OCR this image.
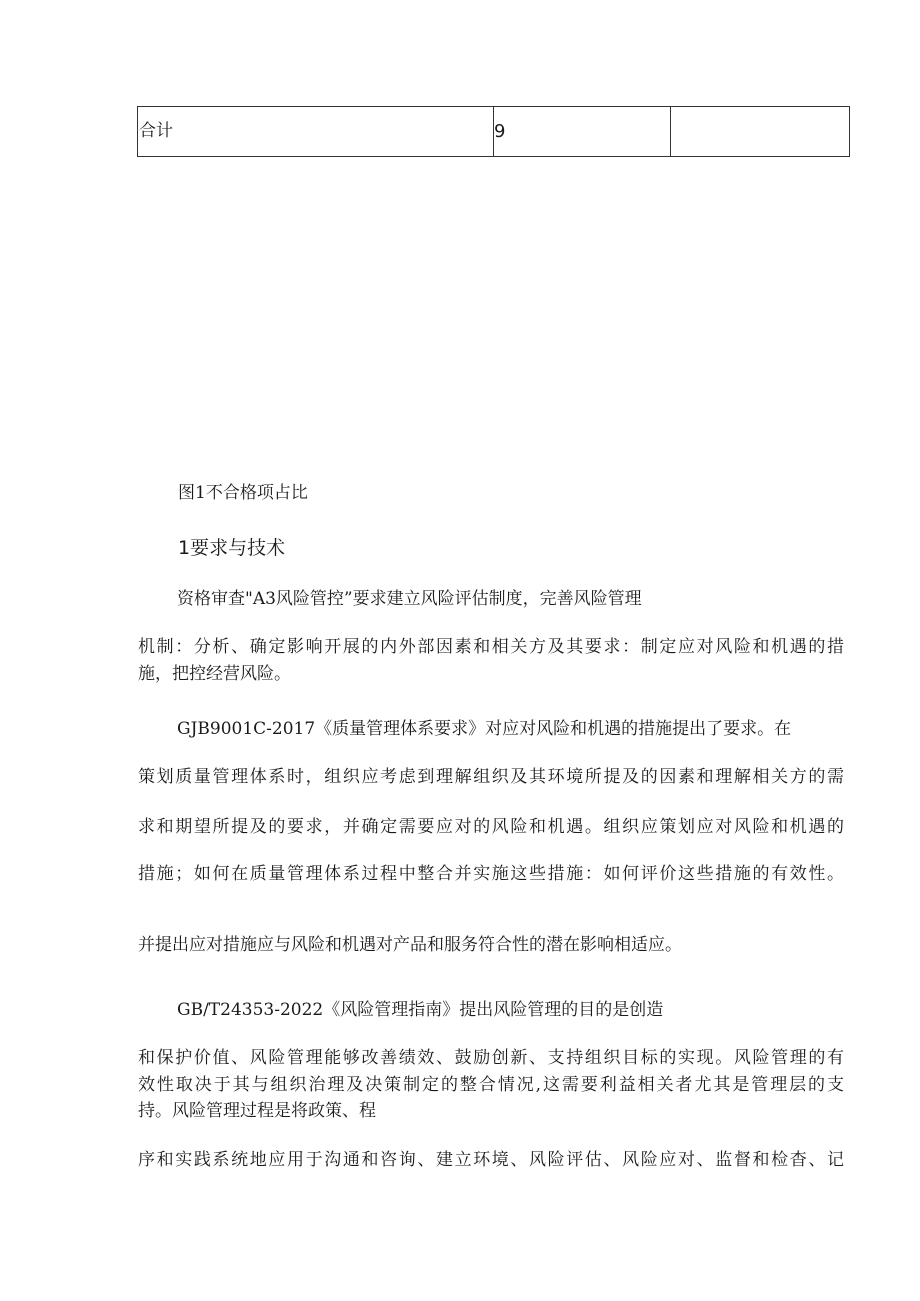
合计	9	
图1不合格项占比
1要求与技术
资格审查"A3风险管控”要求建立风险评估制度，完善风险管理
机制：分析、确定影响开展的内外部因素和相关方及其要求：制定应对风险和机遇的措
施，把控经营风险。
GJB9001C-2017《质量管理体系要求》对应对风险和机遇的措施提出了要求。在
策划质量管理体系时，组织应考虑到理解组织及其环境所提及的因素和理解相关方的需
求和期望所提及的要求，并确定需要应对的风险和机遇。组织应策划应对风险和机遇的
措施；如何在质量管理体系过程中整合并实施这些措施：如何评价这些措施的有效性。
并提出应对措施应与风险和机遇对产品和服务符合性的潜在影响相适应。
GB/T24353-2022《风险管理指南》提出风险管理的目的是创造
和保护价值、风险管理能够改善绩效、鼓励创新、支持组织目标的实现。风险管理的有
效性取决于其与组织治理及决策制定的整合情况,这需要利益相关者尤其是管理层的支
持。风险管理过程是将政策、程
序和实践系统地应用于沟通和咨询、建立环境、风险评估、风险应对、监督和检杳、记
